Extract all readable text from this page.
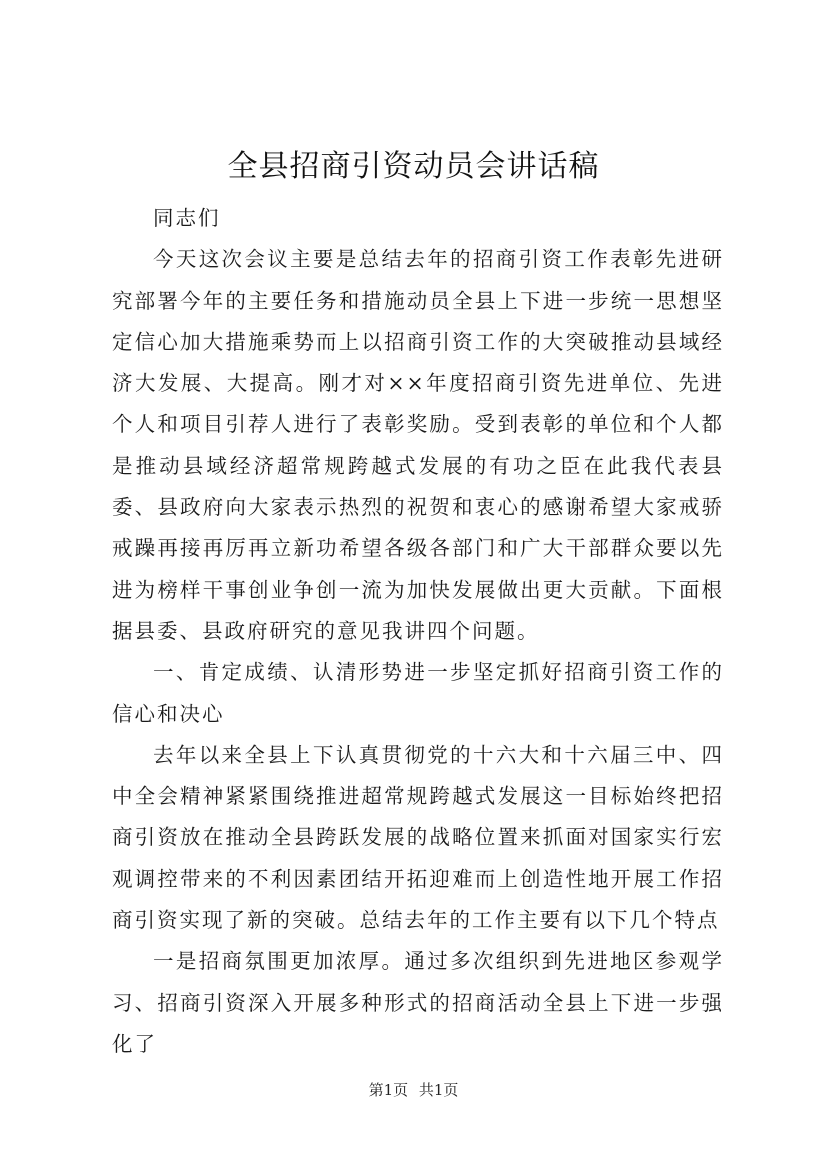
全县招商引资动员会讲话稿

同志们

今天这次会议主要是总结去年的招商引资工作表彰先进研究部署今年的主要任务和措施动员全县上下进一步统一思想坚定信心加大措施乘势而上以招商引资工作的大突破推动县域经济大发展、大提高。刚才对××年度招商引资先进单位、先进个人和项目引荐人进行了表彰奖励。受到表彰的单位和个人都是推动县域经济超常规跨越式发展的有功之臣在此我代表县委、县政府向大家表示热烈的祝贺和衷心的感谢希望大家戒骄戒躁再接再厉再立新功希望各级各部门和广大干部群众要以先进为榜样干事创业争创一流为加快发展做出更大贡献。下面根据县委、县政府研究的意见我讲四个问题。

一、肯定成绩、认清形势进一步坚定抓好招商引资工作的信心和决心

去年以来全县上下认真贯彻党的十六大和十六届三中、四中全会精神紧紧围绕推进超常规跨越式发展这一目标始终把招商引资放在推动全县跨跃发展的战略位置来抓面对国家实行宏观调控带来的不利因素团结开拓迎难而上创造性地开展工作招商引资实现了新的突破。总结去年的工作主要有以下几个特点

一是招商氛围更加浓厚。通过多次组织到先进地区参观学习、招商引资深入开展多种形式的招商活动全县上下进一步强化了

第1页 共1页
